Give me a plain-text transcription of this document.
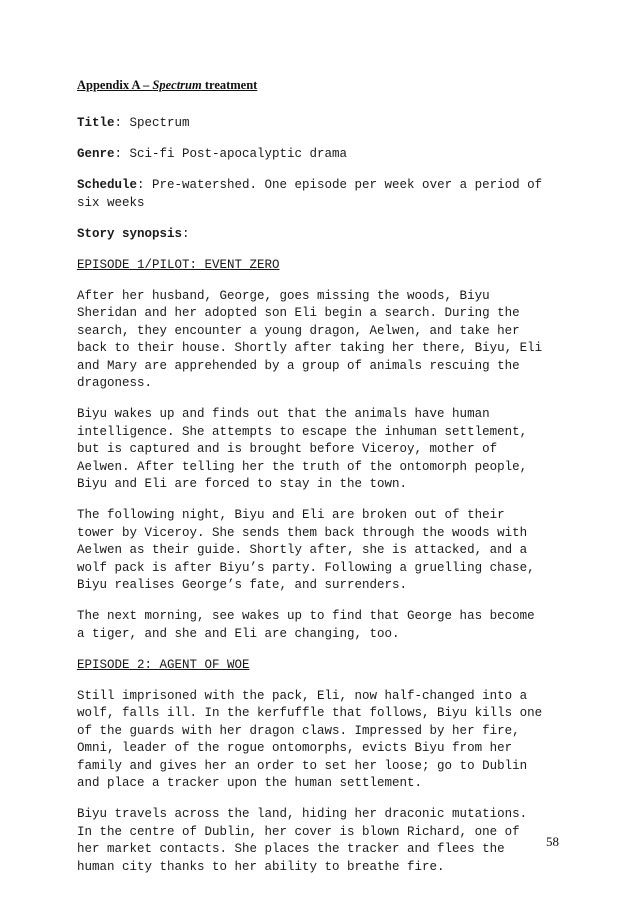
Appendix A – Spectrum treatment

Title: Spectrum

Genre: Sci-fi Post-apocalyptic drama

Schedule: Pre-watershed. One episode per week over a period of
six weeks

Story synopsis:

EPISODE 1/PILOT: EVENT ZERO

After her husband, George, goes missing the woods, Biyu
Sheridan and her adopted son Eli begin a search. During the
search, they encounter a young dragon, Aelwen, and take her
back to their house. Shortly after taking her there, Biyu, Eli
and Mary are apprehended by a group of animals rescuing the
dragoness.

Biyu wakes up and finds out that the animals have human
intelligence. She attempts to escape the inhuman settlement,
but is captured and is brought before Viceroy, mother of
Aelwen. After telling her the truth of the ontomorph people,
Biyu and Eli are forced to stay in the town.

The following night, Biyu and Eli are broken out of their
tower by Viceroy. She sends them back through the woods with
Aelwen as their guide. Shortly after, she is attacked, and a
wolf pack is after Biyu’s party. Following a gruelling chase,
Biyu realises George’s fate, and surrenders.

The next morning, see wakes up to find that George has become
a tiger, and she and Eli are changing, too.

EPISODE 2: AGENT OF WOE

Still imprisoned with the pack, Eli, now half-changed into a
wolf, falls ill. In the kerfuffle that follows, Biyu kills one
of the guards with her dragon claws. Impressed by her fire,
Omni, leader of the rogue ontomorphs, evicts Biyu from her
family and gives her an order to set her loose; go to Dublin
and place a tracker upon the human settlement.

Biyu travels across the land, hiding her draconic mutations.
In the centre of Dublin, her cover is blown Richard, one of
her market contacts. She places the tracker and flees the
human city thanks to her ability to breathe fire.

58
